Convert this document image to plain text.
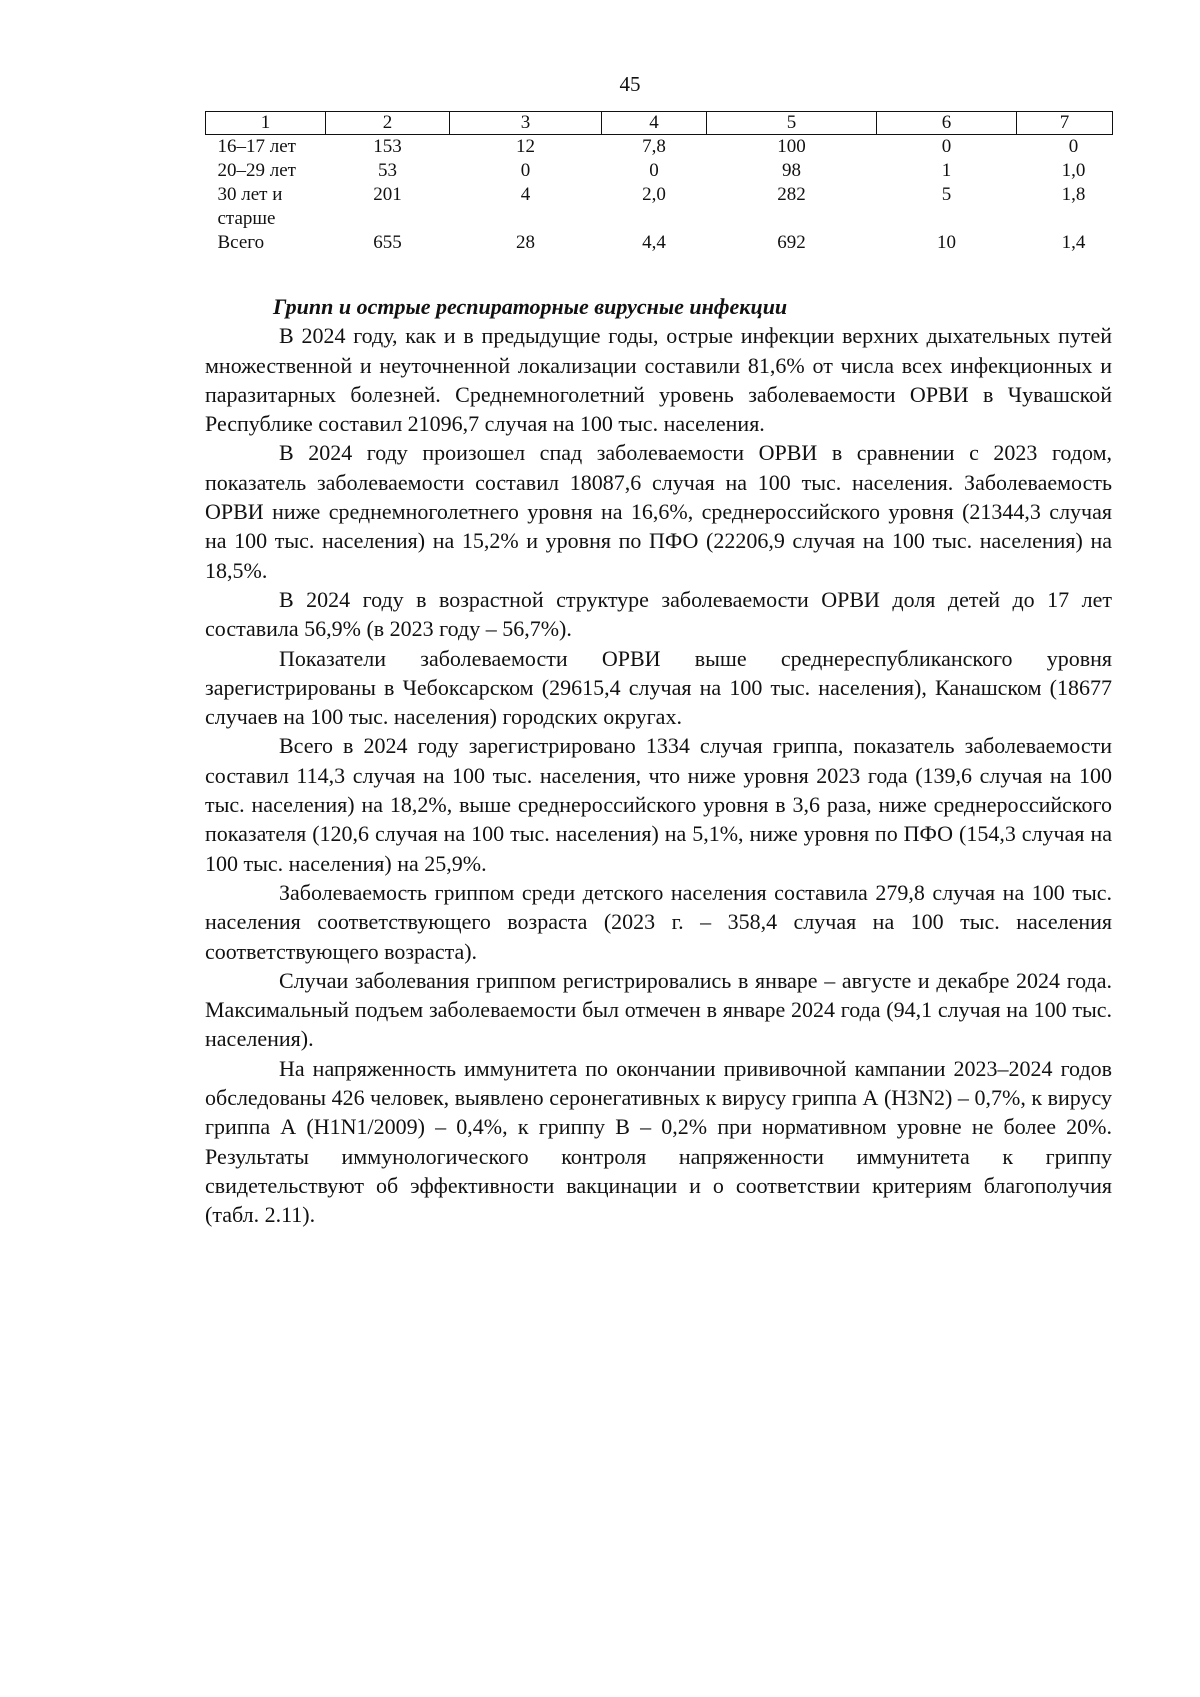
45
1	2	3	4	5	6	7
16–17 лет	153	12	7,8	100	0	0
20–29 лет	53	0	0	98	1	1,0
30 лет и старше	201	4	2,0	282	5	1,8
Всего	655	28	4,4	692	10	1,4

Грипп и острые респираторные вирусные инфекции

В 2024 году, как и в предыдущие годы, острые инфекции верхних дыхательных путей множественной и неуточненной локализации составили 81,6% от числа всех инфекционных и паразитарных болезней. Среднемноголетний уровень заболеваемости ОРВИ в Чувашской Республике составил 21096,7 случая на 100 тыс. населения.

В 2024 году произошел спад заболеваемости ОРВИ в сравнении с 2023 годом, показатель заболеваемости составил 18087,6 случая на 100 тыс. населения. Заболеваемость ОРВИ ниже среднемноголетнего уровня на 16,6%, среднероссийского уровня (21344,3 случая на 100 тыс. населения) на 15,2% и уровня по ПФО (22206,9 случая на 100 тыс. населения) на 18,5%.

В 2024 году в возрастной структуре заболеваемости ОРВИ доля детей до 17 лет составила 56,9% (в 2023 году – 56,7%).

Показатели заболеваемости ОРВИ выше среднереспубликанского уровня зарегистрированы в Чебоксарском (29615,4 случая на 100 тыс. населения), Канашском (18677 случаев на 100 тыс. населения) городских округах.

Всего в 2024 году зарегистрировано 1334 случая гриппа, показатель заболеваемости составил 114,3 случая на 100 тыс. населения, что ниже уровня 2023 года (139,6 случая на 100 тыс. населения) на 18,2%, выше среднероссийского уровня в 3,6 раза, ниже среднероссийского показателя (120,6 случая на 100 тыс. населения) на 5,1%, ниже уровня по ПФО (154,3 случая на 100 тыс. населения) на 25,9%.

Заболеваемость гриппом среди детского населения составила 279,8 случая на 100 тыс. населения соответствующего возраста (2023 г. – 358,4 случая на 100 тыс. населения соответствующего возраста).

Случаи заболевания гриппом регистрировались в январе – августе и декабре 2024 года. Максимальный подъем заболеваемости был отмечен в январе 2024 года (94,1 случая на 100 тыс. населения).

На напряженность иммунитета по окончании прививочной кампании 2023–2024 годов обследованы 426 человек, выявлено серонегативных к вирусу гриппа А (H3N2) – 0,7%, к вирусу гриппа А (H1N1/2009) – 0,4%, к гриппу В – 0,2% при нормативном уровне не более 20%. Результаты иммунологического контроля напряженности иммунитета к гриппу свидетельствуют об эффективности вакцинации и о соответствии критериям благополучия (табл. 2.11).
